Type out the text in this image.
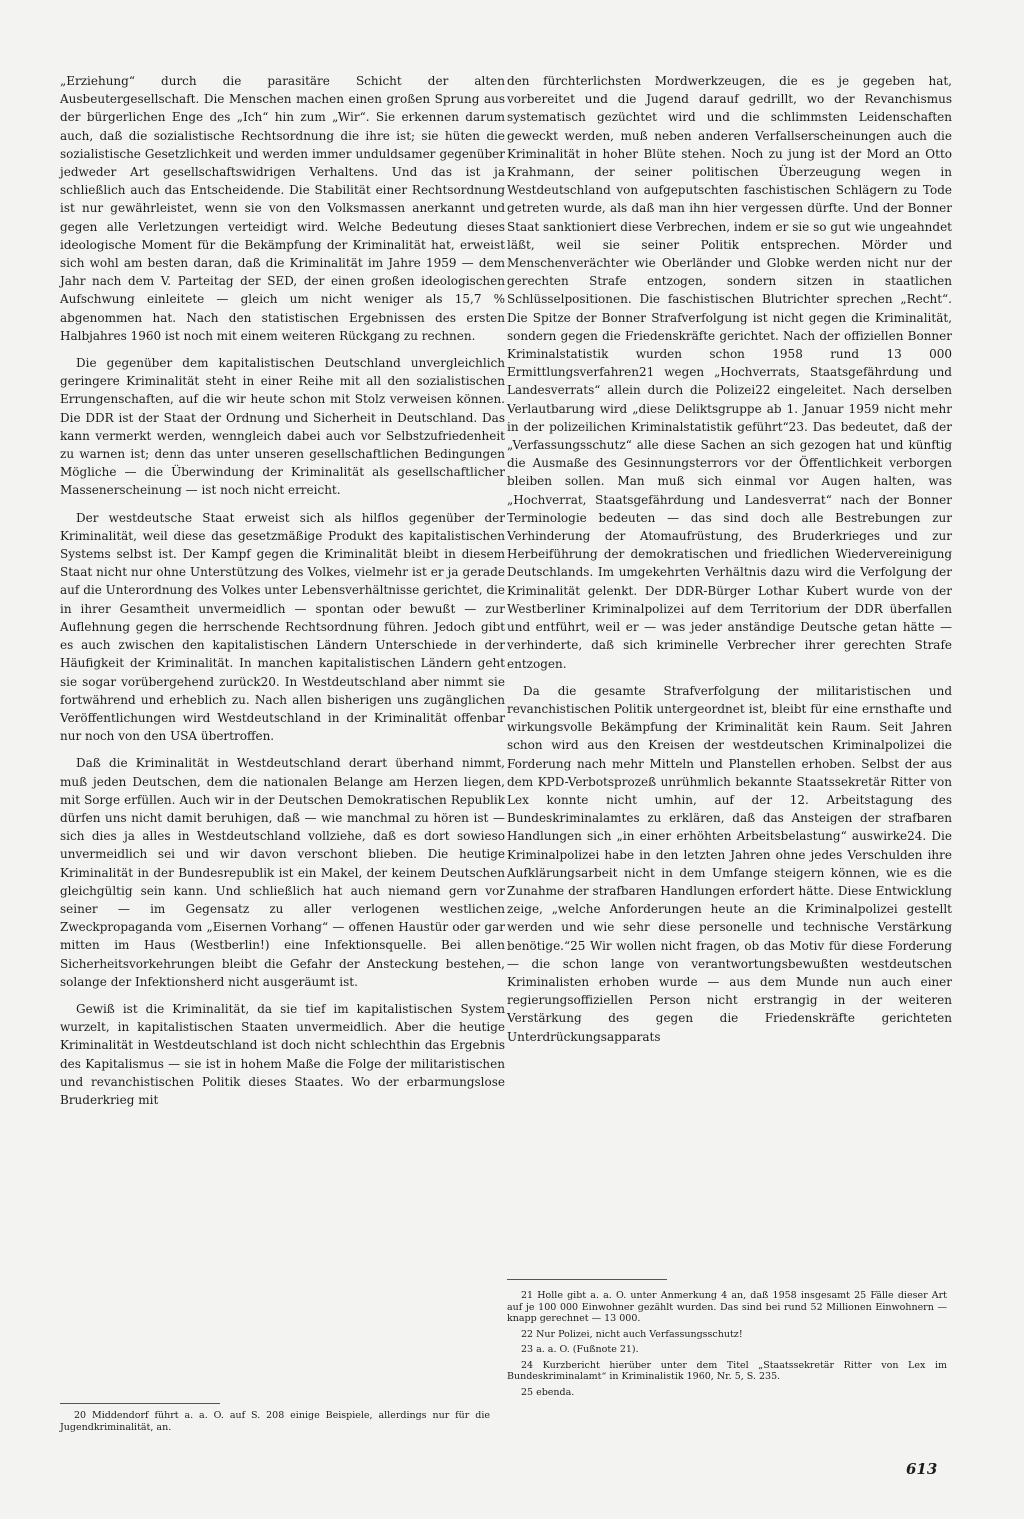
„Erziehung“ durch die parasitäre Schicht der alten Ausbeutergesellschaft. Die Menschen machen einen großen Sprung aus der bürgerlichen Enge des „Ich“ hin zum „Wir“. Sie erkennen darum auch, daß die sozialistische Rechtsordnung die ihre ist; sie hüten die sozialistische Gesetzlichkeit und werden immer unduldsamer gegenüber jedweder Art gesellschaftswidrigen Verhaltens. Und das ist ja schließlich auch das Entscheidende. Die Stabilität einer Rechtsordnung ist nur gewährleistet, wenn sie von den Volksmassen anerkannt und gegen alle Verletzungen verteidigt wird. Welche Bedeutung dieses ideologische Moment für die Bekämpfung der Kriminalität hat, erweist sich wohl am besten daran, daß die Kriminalität im Jahre 1959 — dem Jahr nach dem V. Parteitag der SED, der einen großen ideologischen Aufschwung einleitete — gleich um nicht weniger als 15,7 % abgenommen hat. Nach den statistischen Ergebnissen des ersten Halbjahres 1960 ist noch mit einem weiteren Rückgang zu rechnen.

Die gegenüber dem kapitalistischen Deutschland unvergleichlich geringere Kriminalität steht in einer Reihe mit all den sozialistischen Errungenschaften, auf die wir heute schon mit Stolz verweisen können. Die DDR ist der Staat der Ordnung und Sicherheit in Deutschland. Das kann vermerkt werden, wenngleich dabei auch vor Selbstzufriedenheit zu warnen ist; denn das unter unseren gesellschaftlichen Bedingungen Mögliche — die Überwindung der Kriminalität als gesellschaftlicher Massenerscheinung — ist noch nicht erreicht.

Der westdeutsche Staat erweist sich als hilflos gegenüber der Kriminalität, weil diese das gesetzmäßige Produkt des kapitalistischen Systems selbst ist. Der Kampf gegen die Kriminalität bleibt in diesem Staat nicht nur ohne Unterstützung des Volkes, vielmehr ist er ja gerade auf die Unterordnung des Volkes unter Lebensverhältnisse gerichtet, die in ihrer Gesamtheit unvermeidlich — spontan oder bewußt — zur Auflehnung gegen die herrschende Rechtsordnung führen. Jedoch gibt es auch zwischen den kapitalistischen Ländern Unterschiede in der Häufigkeit der Kriminalität. In manchen kapitalistischen Ländern geht sie sogar vorübergehend zurück20. In Westdeutschland aber nimmt sie fortwährend und erheblich zu. Nach allen bisherigen uns zugänglichen Veröffentlichungen wird Westdeutschland in der Kriminalität offenbar nur noch von den USA übertroffen.

Daß die Kriminalität in Westdeutschland derart überhand nimmt, muß jeden Deutschen, dem die nationalen Belange am Herzen liegen, mit Sorge erfüllen. Auch wir in der Deutschen Demokratischen Republik dürfen uns nicht damit beruhigen, daß — wie manchmal zu hören ist — sich dies ja alles in Westdeutschland vollziehe, daß es dort sowieso unvermeidlich sei und wir davon verschont blieben. Die heutige Kriminalität in der Bundesrepublik ist ein Makel, der keinem Deutschen gleichgültig sein kann. Und schließlich hat auch niemand gern vor seiner — im Gegensatz zu aller verlogenen westlichen Zweckpropaganda vom „Eisernen Vorhang“ — offenen Haustür oder gar mitten im Haus (Westberlin!) eine Infektionsquelle. Bei allen Sicherheitsvorkehrungen bleibt die Gefahr der Ansteckung bestehen, solange der Infektionsherd nicht ausgeräumt ist.

Gewiß ist die Kriminalität, da sie tief im kapitalistischen System wurzelt, in kapitalistischen Staaten unvermeidlich. Aber die heutige Kriminalität in Westdeutschland ist doch nicht schlechthin das Ergebnis des Kapitalismus — sie ist in hohem Maße die Folge der militaristischen und revanchistischen Politik dieses Staates. Wo der erbarmungslose Bruderkrieg mit

den fürchterlichsten Mordwerkzeugen, die es je gegeben hat, vorbereitet und die Jugend darauf gedrillt, wo der Revanchismus systematisch gezüchtet wird und die schlimmsten Leidenschaften geweckt werden, muß neben anderen Verfallserscheinungen auch die Kriminalität in hoher Blüte stehen. Noch zu jung ist der Mord an Otto Krahmann, der seiner politischen Überzeugung wegen in Westdeutschland von aufgeputschten faschistischen Schlägern zu Tode getreten wurde, als daß man ihn hier vergessen dürfte. Und der Bonner Staat sanktioniert diese Verbrechen, indem er sie so gut wie ungeahndet läßt, weil sie seiner Politik entsprechen. Mörder und Menschenverächter wie Oberländer und Globke werden nicht nur der gerechten Strafe entzogen, sondern sitzen in staatlichen Schlüsselpositionen. Die faschistischen Blutrichter sprechen „Recht“. Die Spitze der Bonner Strafverfolgung ist nicht gegen die Kriminalität, sondern gegen die Friedenskräfte gerichtet. Nach der offiziellen Bonner Kriminalstatistik wurden schon 1958 rund 13 000 Ermittlungsverfahren21 wegen „Hochverrats, Staatsgefährdung und Landesverrats“ allein durch die Polizei22 eingeleitet. Nach derselben Verlautbarung wird „diese Deliktsgruppe ab 1. Januar 1959 nicht mehr in der polizeilichen Kriminalstatistik geführt“23. Das bedeutet, daß der „Verfassungsschutz“ alle diese Sachen an sich gezogen hat und künftig die Ausmaße des Gesinnungsterrors vor der Öffentlichkeit verborgen bleiben sollen. Man muß sich einmal vor Augen halten, was „Hochverrat, Staatsgefährdung und Landesverrat“ nach der Bonner Terminologie bedeuten — das sind doch alle Bestrebungen zur Verhinderung der Atomaufrüstung, des Bruderkrieges und zur Herbeiführung der demokratischen und friedlichen Wiedervereinigung Deutschlands. Im umgekehrten Verhältnis dazu wird die Verfolgung der Kriminalität gelenkt. Der DDR-Bürger Lothar Kubert wurde von der Westberliner Kriminalpolizei auf dem Territorium der DDR überfallen und entführt, weil er — was jeder anständige Deutsche getan hätte — verhinderte, daß sich kriminelle Verbrecher ihrer gerechten Strafe entzogen.

Da die gesamte Strafverfolgung der militaristischen und revanchistischen Politik untergeordnet ist, bleibt für eine ernsthafte und wirkungsvolle Bekämpfung der Kriminalität kein Raum. Seit Jahren schon wird aus den Kreisen der westdeutschen Kriminalpolizei die Forderung nach mehr Mitteln und Planstellen erhoben. Selbst der aus dem KPD-Verbotsprozeß unrühmlich bekannte Staatssekretär Ritter von Lex konnte nicht umhin, auf der 12. Arbeitstagung des Bundeskriminalamtes zu erklären, daß das Ansteigen der strafbaren Handlungen sich „in einer erhöhten Arbeitsbelastung“ auswirke24. Die Kriminalpolizei habe in den letzten Jahren ohne jedes Verschulden ihre Aufklärungsarbeit nicht in dem Umfange steigern können, wie es die Zunahme der strafbaren Handlungen erfordert hätte. Diese Entwicklung zeige, „welche Anforderungen heute an die Kriminalpolizei gestellt werden und wie sehr diese personelle und technische Verstärkung benötige.“25 Wir wollen nicht fragen, ob das Motiv für diese Forderung — die schon lange von verantwortungsbewußten westdeutschen Kriminalisten erhoben wurde — aus dem Munde nun auch einer regierungsoffiziellen Person nicht erstrangig in der weiteren Verstärkung des gegen die Friedenskräfte gerichteten Unterdrückungsapparats

20 Middendorf führt a. a. O. auf S. 208 einige Beispiele, allerdings nur für die Jugendkriminalität, an.

21 Holle gibt a. a. O. unter Anmerkung 4 an, daß 1958 insgesamt 25 Fälle dieser Art auf je 100 000 Einwohner gezählt wurden. Das sind bei rund 52 Millionen Einwohnern — knapp gerechnet — 13 000.

22 Nur Polizei, nicht auch Verfassungsschutz!

23 a. a. O. (Fußnote 21).

24 Kurzbericht hierüber unter dem Titel „Staatssekretär Ritter von Lex im Bundeskriminalamt“ in Kriminalistik 1960, Nr. 5, S. 235.

25 ebenda.

613
